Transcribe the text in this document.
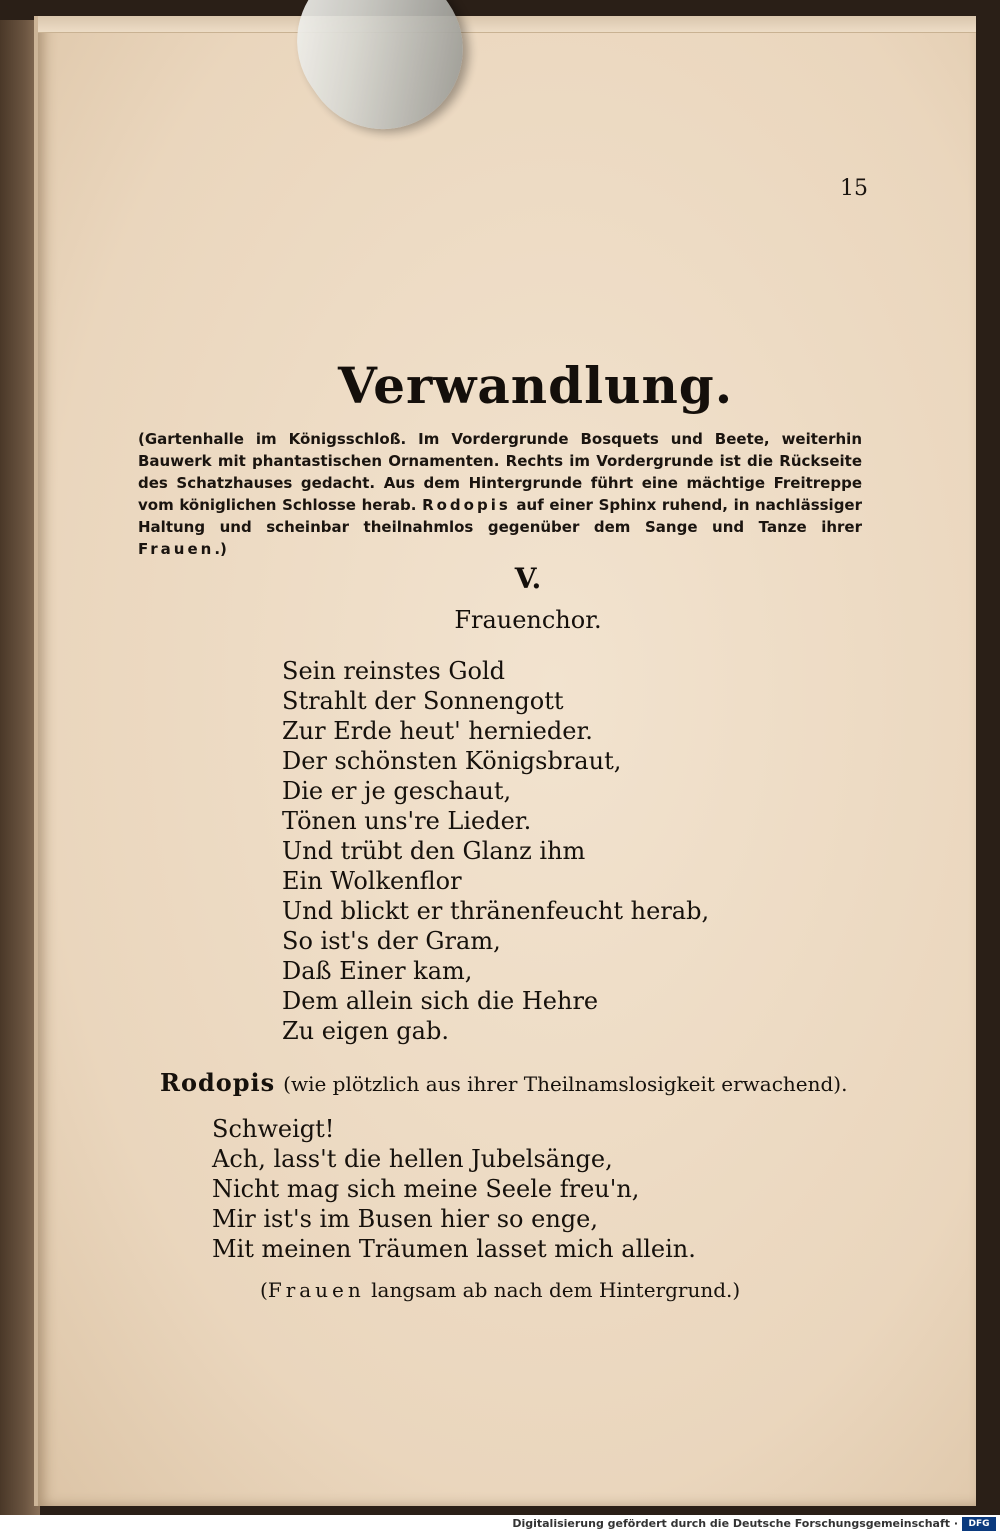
15
Verwandlung.
(Gartenhalle im Königsschloß. Im Vordergrunde Bosquets und Beete, weiterhin Bauwerk mit phantastischen Ornamenten. Rechts im Vordergrunde ist die Rückseite des Schatzhauses gedacht. Aus dem Hintergrunde führt eine mächtige Freitreppe vom königlichen Schlosse herab. Rodopis auf einer Sphinx ruhend, in nachlässiger Haltung und scheinbar theilnahmlos gegenüber dem Sange und Tanze ihrer Frauen.)
V.
Frauenchor.
Sein reinstes Gold
Strahlt der Sonnengott
Zur Erde heut' hernieder.
Der schönsten Königsbraut,
Die er je geschaut,
Tönen uns're Lieder.
Und trübt den Glanz ihm
Ein Wolkenflor
Und blickt er thränenfeucht herab,
So ist's der Gram,
Daß Einer kam,
Dem allein sich die Hehre
Zu eigen gab.
Rodopis (wie plötzlich aus ihrer Theilnamslosigkeit erwachend).
Schweigt!
Ach, lass't die hellen Jubelsänge,
Nicht mag sich meine Seele freu'n,
Mir ist's im Busen hier so enge,
Mit meinen Träumen lasset mich allein.
(Frauen langsam ab nach dem Hintergrund.)
Digitalisierung gefördert durch die Deutsche Forschungsgemeinschaft ·	DFG
